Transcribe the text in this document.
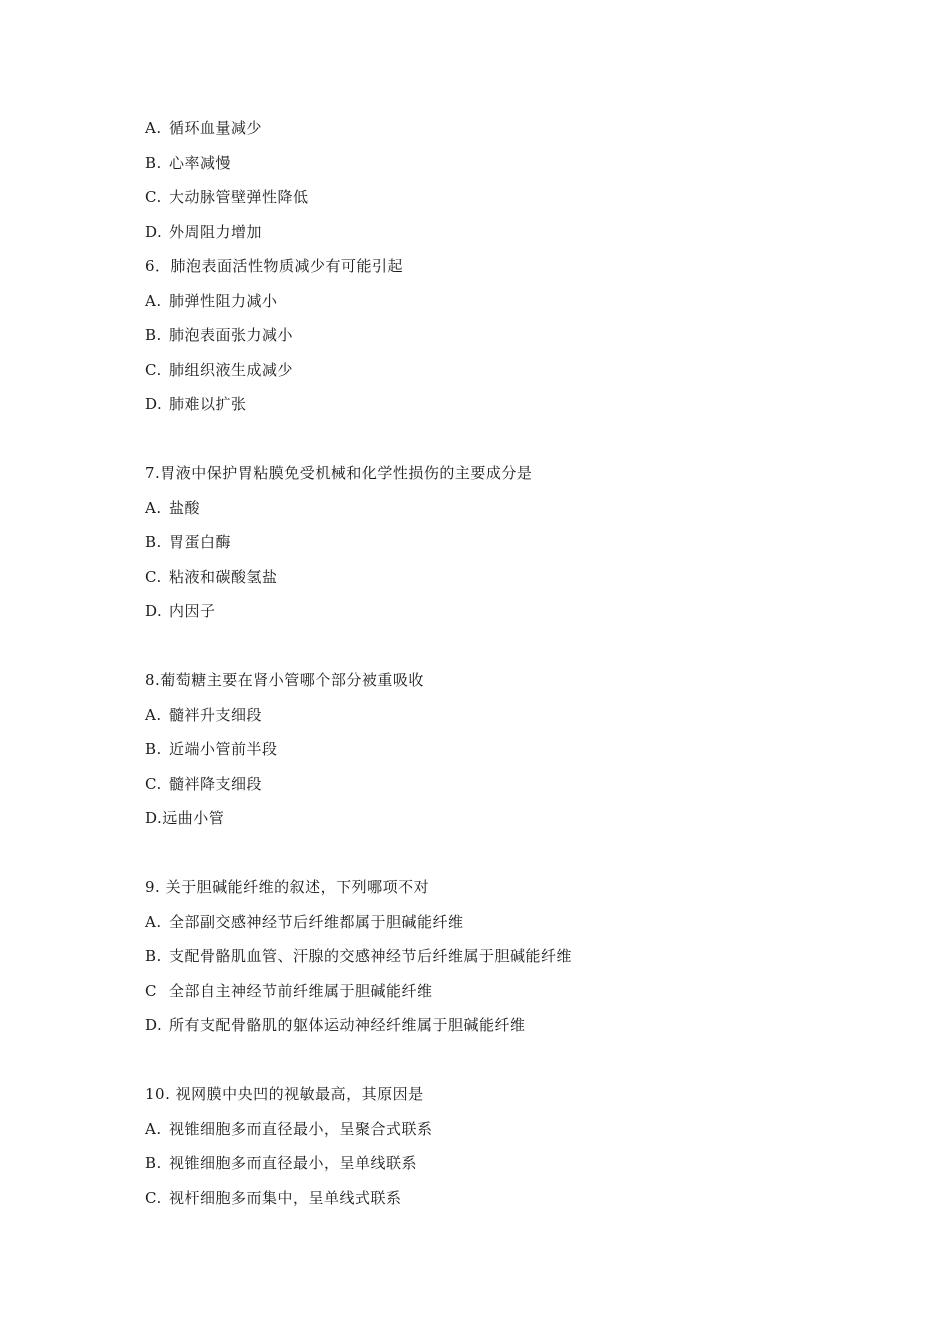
A. 循环血量减少
B. 心率减慢
C. 大动脉管壁弹性降低
D. 外周阻力增加
6．肺泡表面活性物质减少有可能引起
A. 肺弹性阻力减小
B. 肺泡表面张力减小
C. 肺组织液生成减少
D. 肺难以扩张
7.胃液中保护胃粘膜免受机械和化学性损伤的主要成分是
A. 盐酸
B. 胃蛋白酶
C. 粘液和碳酸氢盐
D. 内因子
8.葡萄糖主要在肾小管哪个部分被重吸收
A. 髓袢升支细段
B. 近端小管前半段
C. 髓袢降支细段
D.远曲小管
9. 关于胆碱能纤维的叙述，下列哪项不对
A. 全部副交感神经节后纤维都属于胆碱能纤维
B. 支配骨骼肌血管、汗腺的交感神经节后纤维属于胆碱能纤维
C 全部自主神经节前纤维属于胆碱能纤维
D. 所有支配骨骼肌的躯体运动神经纤维属于胆碱能纤维
10. 视网膜中央凹的视敏最高，其原因是
A. 视锥细胞多而直径最小，呈聚合式联系
B. 视锥细胞多而直径最小，呈单线联系
C. 视杆细胞多而集中，呈单线式联系
